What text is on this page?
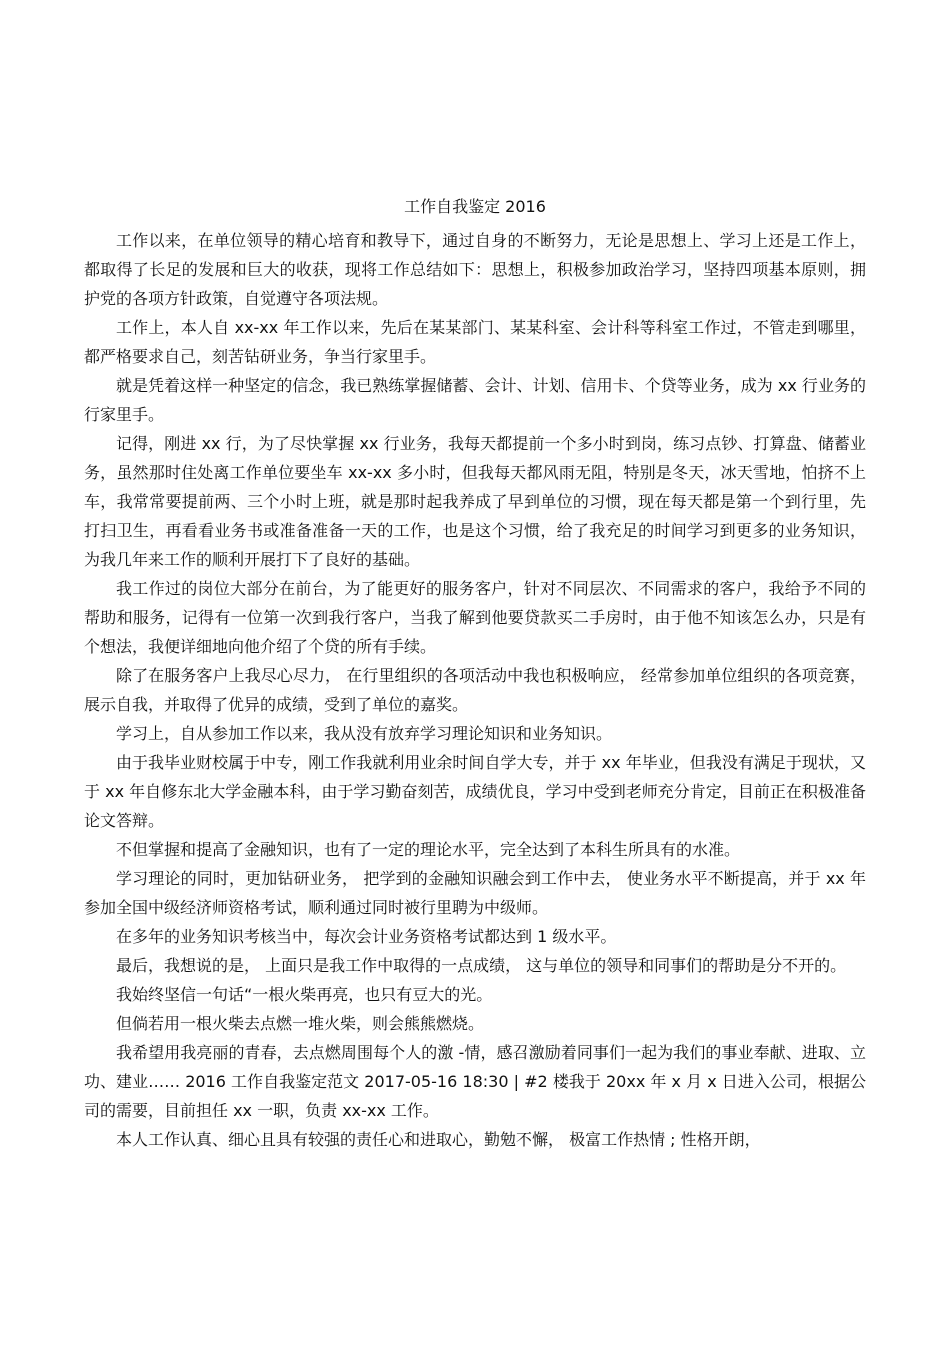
工作自我鉴定 2016

工作以来，在单位领导的精心培育和教导下，通过自身的不断努力，无论是思想上、学习上还是工作上，都取得了长足的发展和巨大的收获，现将工作总结如下：思想上，积极参加政治学习，坚持四项基本原则，拥护党的各项方针政策，自觉遵守各项法规。

工作上，本人自 xx-xx 年工作以来，先后在某某部门、某某科室、会计科等科室工作过，不管走到哪里，都严格要求自己，刻苦钻研业务，争当行家里手。

就是凭着这样一种坚定的信念，我已熟练掌握储蓄、会计、计划、信用卡、个贷等业务，成为 xx 行业务的行家里手。

记得，刚进 xx 行，为了尽快掌握 xx 行业务，我每天都提前一个多小时到岗，练习点钞、打算盘、储蓄业务，虽然那时住处离工作单位要坐车 xx-xx 多小时，但我每天都风雨无阻，特别是冬天，冰天雪地，怕挤不上车，我常常要提前两、三个小时上班，就是那时起我养成了早到单位的习惯，现在每天都是第一个到行里，先打扫卫生，再看看业务书或准备准备一天的工作，也是这个习惯，给了我充足的时间学习到更多的业务知识，为我几年来工作的顺利开展打下了良好的基础。

我工作过的岗位大部分在前台，为了能更好的服务客户，针对不同层次、不同需求的客户，我给予不同的帮助和服务，记得有一位第一次到我行客户，当我了解到他要贷款买二手房时，由于他不知该怎么办，只是有个想法，我便详细地向他介绍了个贷的所有手续。

除了在服务客户上我尽心尽力， 在行里组织的各项活动中我也积极响应， 经常参加单位组织的各项竞赛，展示自我，并取得了优异的成绩，受到了单位的嘉奖。

学习上，自从参加工作以来，我从没有放弃学习理论知识和业务知识。

由于我毕业财校属于中专，刚工作我就利用业余时间自学大专，并于 xx 年毕业，但我没有满足于现状，又于 xx 年自修东北大学金融本科，由于学习勤奋刻苦，成绩优良，学习中受到老师充分肯定，目前正在积极准备论文答辩。

不但掌握和提高了金融知识，也有了一定的理论水平，完全达到了本科生所具有的水准。

学习理论的同时，更加钻研业务， 把学到的金融知识融会到工作中去， 使业务水平不断提高，并于 xx 年参加全国中级经济师资格考试，顺利通过同时被行里聘为中级师。

在多年的业务知识考核当中，每次会计业务资格考试都达到 1 级水平。

最后，我想说的是， 上面只是我工作中取得的一点成绩， 这与单位的领导和同事们的帮助是分不开的。

我始终坚信一句话“一根火柴再亮，也只有豆大的光。

但倘若用一根火柴去点燃一堆火柴，则会熊熊燃烧。

我希望用我亮丽的青春，去点燃周围每个人的激 -情，感召激励着同事们一起为我们的事业奉献、进取、立功、建业…… 2016 工作自我鉴定范文 2017-05-16 18:30 | #2 楼我于 20xx 年 x 月 x 日进入公司，根据公司的需要，目前担任 xx 一职，负责 xx-xx 工作。

本人工作认真、细心且具有较强的责任心和进取心，勤勉不懈， 极富工作热情 ; 性格开朗，
